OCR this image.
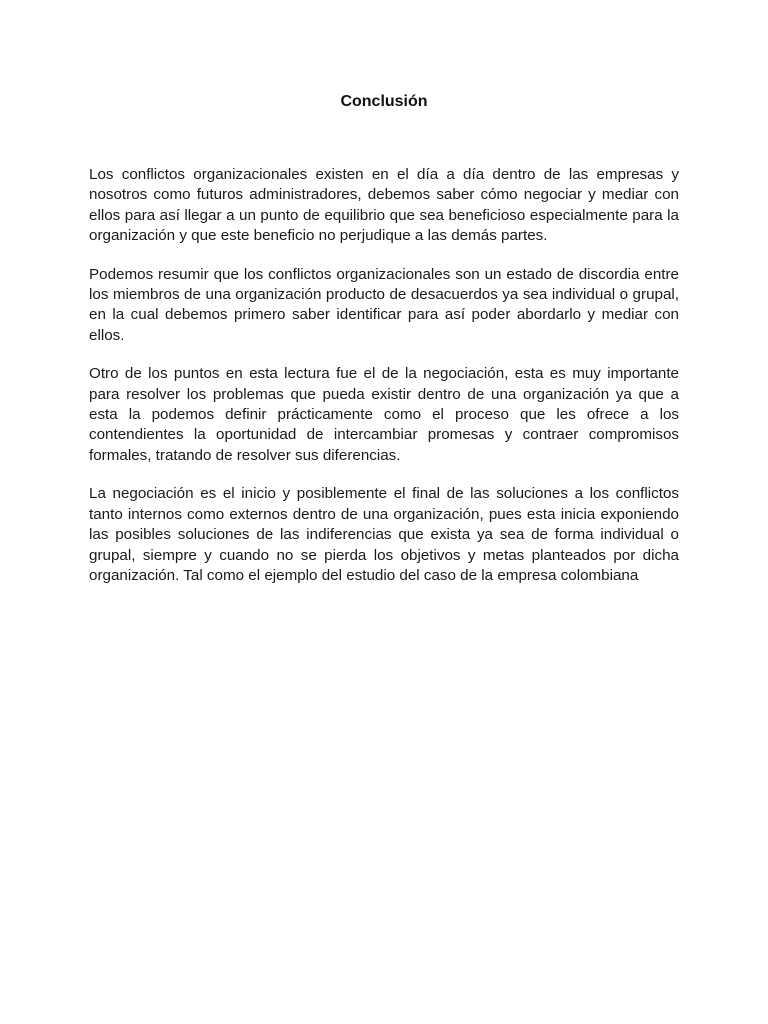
Conclusión

Los conflictos organizacionales existen en el día a día dentro de las empresas y nosotros como futuros administradores, debemos saber cómo negociar y mediar con ellos para así llegar a un punto de equilibrio que sea beneficioso especialmente para la organización y que este beneficio no perjudique a las demás partes.

Podemos resumir que los conflictos organizacionales son un estado de discordia entre los miembros de una organización producto de desacuerdos ya sea individual o grupal, en la cual debemos primero saber identificar para así poder abordarlo y mediar con ellos.

Otro de los puntos en esta lectura fue el de la negociación, esta es muy importante para resolver los problemas que pueda existir dentro de una organización ya que a esta la podemos definir prácticamente como el proceso que les ofrece a los contendientes la oportunidad de intercambiar promesas y contraer compromisos formales, tratando de resolver sus diferencias.

La negociación es el inicio y posiblemente el final de las soluciones a los conflictos tanto internos como externos dentro de una organización, pues esta inicia exponiendo las posibles soluciones de las indiferencias que exista ya sea de forma individual o grupal, siempre y cuando no se pierda los objetivos y metas planteados por dicha organización. Tal como el ejemplo del estudio del caso de la empresa colombiana
